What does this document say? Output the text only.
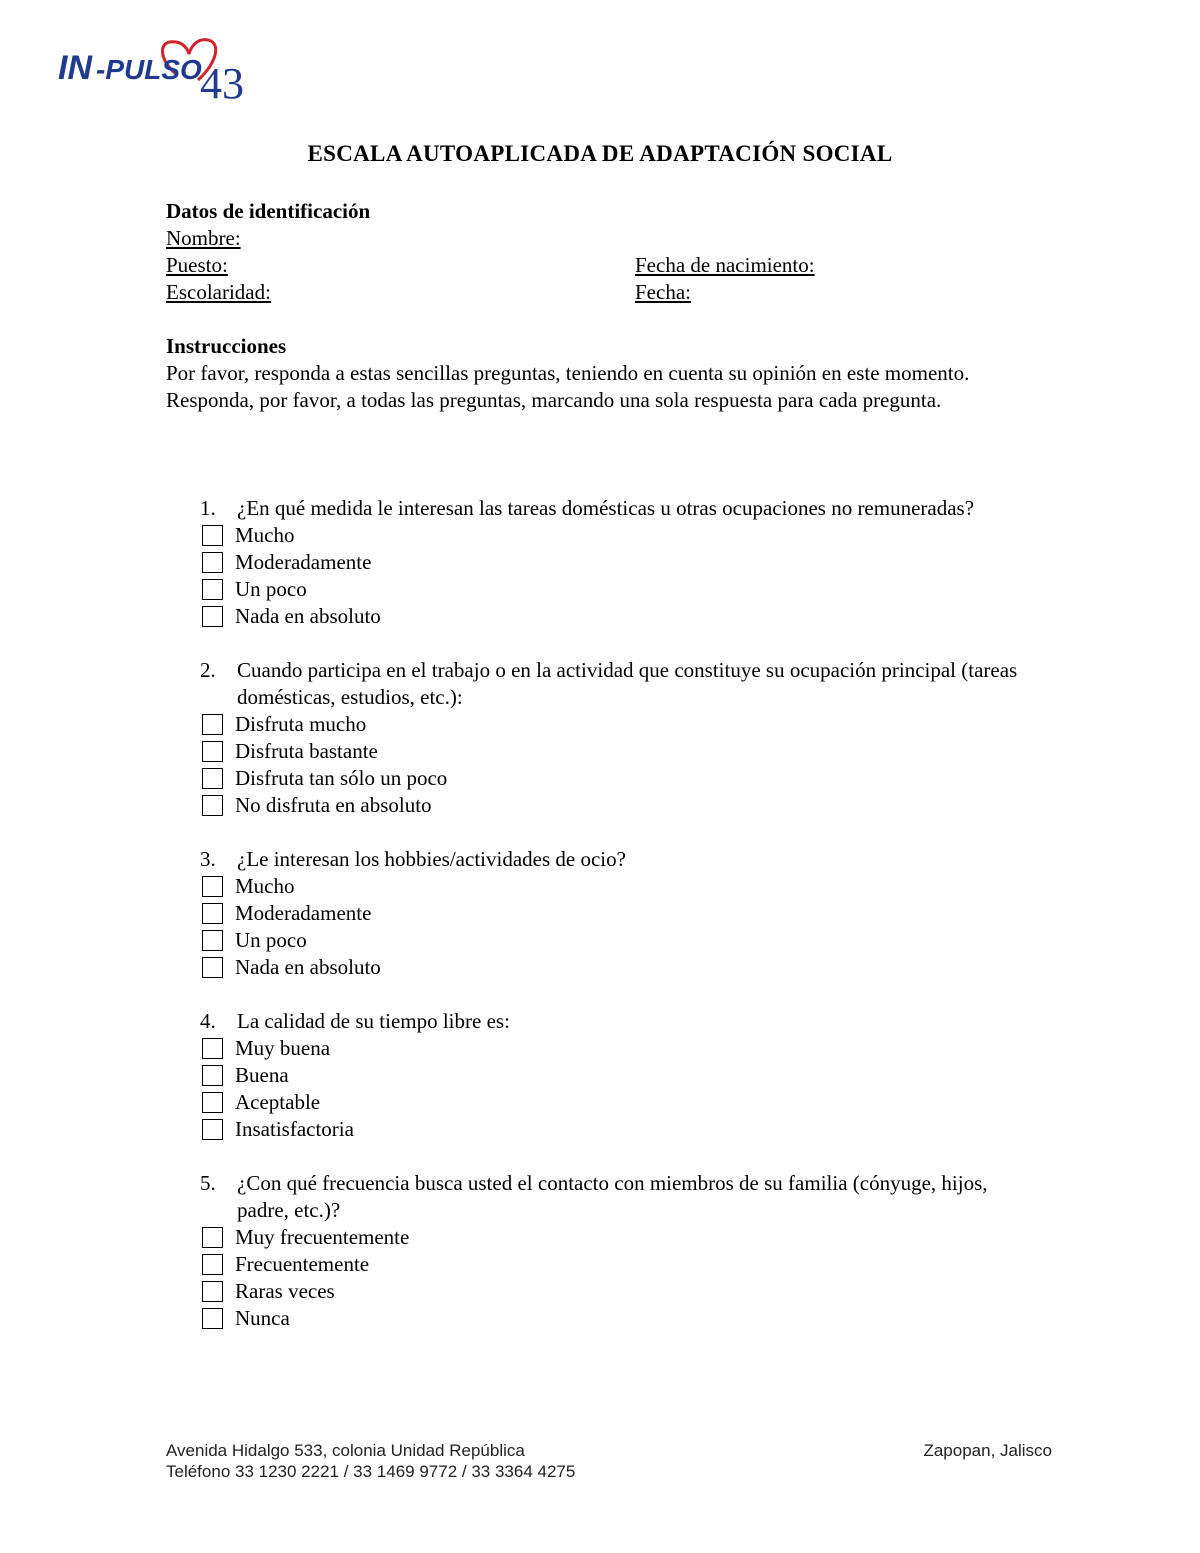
IN -PULSO
43
ESCALA AUTOAPLICADA DE ADAPTACIÓN SOCIAL
Datos de identificación
Nombre:
Puesto:	Fecha de nacimiento:
Escolaridad:	Fecha:
Instrucciones

Por favor, responda a estas sencillas preguntas, teniendo en cuenta su opinión en este momento. Responda, por favor, a todas las preguntas, marcando una sola respuesta para cada pregunta.

1.	¿En qué medida le interesan las tareas domésticas u otras ocupaciones no remuneradas?
Mucho
Moderadamente
Un poco
Nada en absoluto
2.	Cuando participa en el trabajo o en la actividad que constituye su ocupación principal (tareas domésticas, estudios, etc.):
Disfruta mucho
Disfruta bastante
Disfruta tan sólo un poco
No disfruta en absoluto
3.	¿Le interesan los hobbies/actividades de ocio?
Mucho
Moderadamente
Un poco
Nada en absoluto
4.	La calidad de su tiempo libre es:
Muy buena
Buena
Aceptable
Insatisfactoria
5.	¿Con qué frecuencia busca usted el contacto con miembros de su familia (cónyuge, hijos, padre, etc.)?
Muy frecuentemente
Frecuentemente
Raras veces
Nunca
Avenida Hidalgo 533, colonia Unidad República	Zapopan, Jalisco
Teléfono 33 1230 2221 / 33 1469 9772 / 33 3364 4275
